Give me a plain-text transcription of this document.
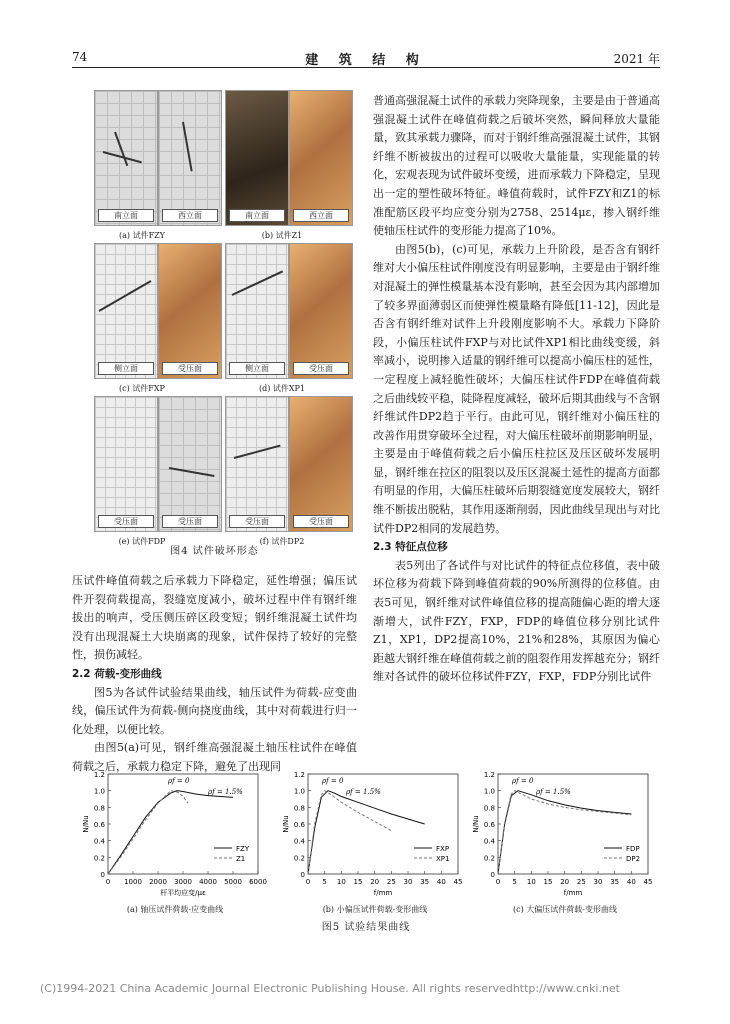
74	建 筑 结 构	2021 年
南立面	西立面	南立面	西立面
(a) 试件FZY	(b) 试件Z1
侧立面	受压面	侧立面	受压面
(c) 试件FXP	(d) 试件XP1
受压面	受压面	受压面	受压面
(e) 试件FDP	(f) 试件DP2
图4 试件破坏形态

普通高强混凝土试件的承载力突降现象，主要是由于普通高强混凝土试件在峰值荷载之后破坏突然，瞬间释放大量能量，致其承载力骤降，而对于钢纤维高强混凝土试件，其钢纤维不断被拔出的过程可以吸收大量能量，实现能量的转化，宏观表现为试件破坏变缓，进而承载力下降稳定，呈现出一定的塑性破坏特征。峰值荷载时，试件FZY和Z1的标准配筋区段平均应变分别为2758、2514με，掺入钢纤维使轴压柱试件的变形能力提高了10%。

由图5(b)，(c)可见，承载力上升阶段，是否含有钢纤维对大小偏压柱试件刚度没有明显影响，主要是由于钢纤维对混凝土的弹性模量基本没有影响，甚至会因为其内部增加了较多界面薄弱区而使弹性模量略有降低[11-12]，因此是否含有钢纤维对试件上升段刚度影响不大。承载力下降阶段，小偏压柱试件FXP与对比试件XP1相比曲线变缓，斜率减小，说明掺入适量的钢纤维可以提高小偏压柱的延性，一定程度上减轻脆性破坏；大偏压柱试件FDP在峰值荷载之后曲线较平稳，陡降程度减轻，破坏后期其曲线与不含钢纤维试件DP2趋于平行。由此可见，钢纤维对小偏压柱的改善作用贯穿破坏全过程，对大偏压柱破坏前期影响明显，主要是由于峰值荷载之后小偏压柱拉区及压区破坏发展明显，钢纤维在拉区的阻裂以及压区混凝土延性的提高方面都有明显的作用，大偏压柱破坏后期裂缝宽度发展较大，钢纤维不断拔出脱粘，其作用逐渐削弱，因此曲线呈现出与对比试件DP2相同的发展趋势。

2.3 特征点位移

表5列出了各试件与对比试件的特征点位移值，表中破坏位移为荷载下降到峰值荷载的90%所测得的位移值。由表5可见，钢纤维对试件峰值位移的提高随偏心距的增大逐渐增大，试件FZY，FXP，FDP的峰值位移分别比试件Z1，XP1，DP2提高10%，21%和28%，其原因为偏心距越大钢纤维在峰值荷载之前的阻裂作用发挥越充分；钢纤维对各试件的破坏位移试件FZY，FXP，FDP分别比试件

压试件峰值荷载之后承载力下降稳定，延性增强；偏压试件开裂荷载提高，裂缝宽度减小，破坏过程中伴有钢纤维拔出的响声，受压侧压碎区段变短；钢纤维混凝土试件均没有出现混凝土大块崩离的现象，试件保持了较好的完整性，损伤减轻。

2.2 荷载-变形曲线

图5为各试件试验结果曲线，轴压试件为荷载-应变曲线，偏压试件为荷载-侧向挠度曲线，其中对荷载进行归一化处理，以便比较。

由图5(a)可见，钢纤维高强混凝土轴压柱试件在峰值荷载之后，承载力稳定下降，避免了出现同

0
0.2
0.4
0.6
0.8
1.0
1.2
0 1000 2000 3000 4000 5000 6000
杆平均应变/με
N/Nu
FZY
Z1
ρf = 0
ρf = 1.5%
(a) 轴压试件荷载-应变曲线
0
0.2
0.4
0.6
0.8
1.0
1.2
0 5 10 15 20 25 30 35 40 45
f/mm
N/Nu
FXP
XP1
ρf = 0
ρf = 1.5%
(b) 小偏压试件荷载-变形曲线
0
0.2
0.4
0.6
0.8
1.0
1.2
0 5 10 15 20 25 30 35 40 45
f/mm
N/Nu
FDP
DP2
ρf = 0
ρf = 1.5%
(c) 大偏压试件荷载-变形曲线
图5 试验结果曲线
(C)1994-2021 China Academic Journal Electronic Publishing House. All rights reserved.
http://www.cnki.net
